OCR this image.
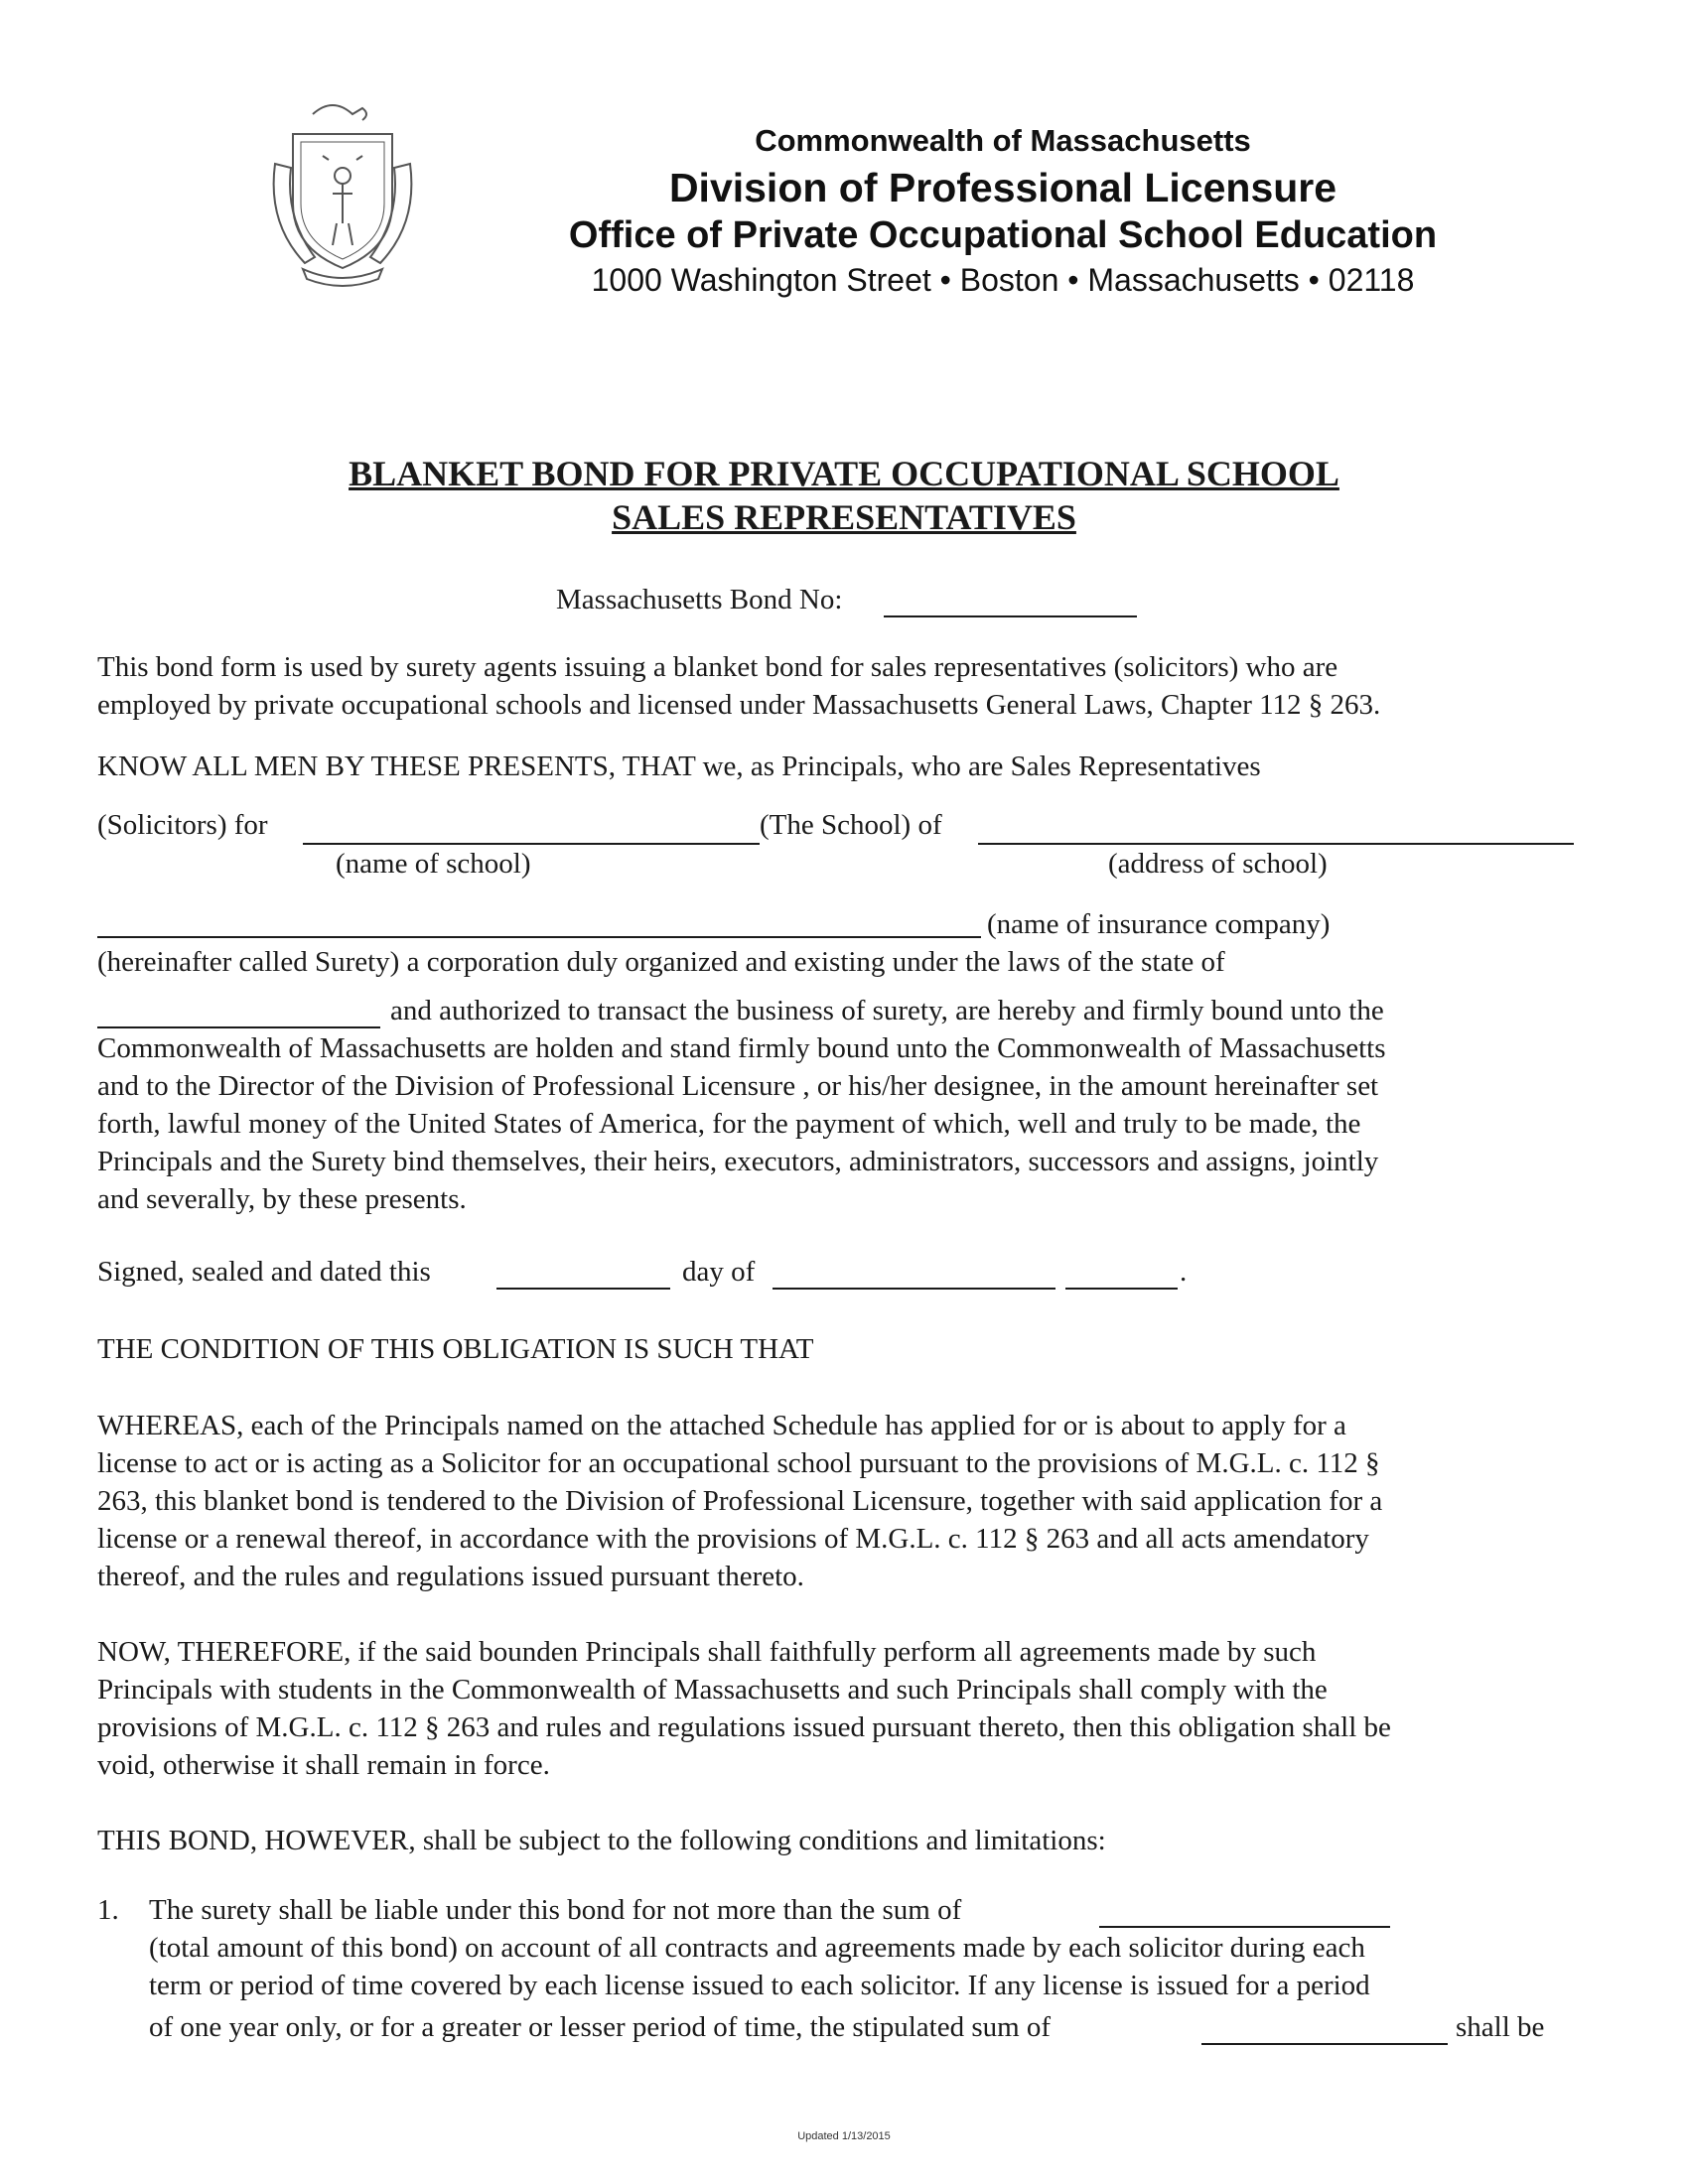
Commonwealth of Massachusetts
Division of Professional Licensure
Office of Private Occupational School Education
1000 Washington Street • Boston • Massachusetts • 02118
BLANKET BOND FOR PRIVATE OCCUPATIONAL SCHOOL
SALES REPRESENTATIVES
Massachusetts Bond No:
This bond form is used by surety agents issuing a blanket bond for sales representatives (solicitors) who are
employed by private occupational schools and licensed under Massachusetts General Laws, Chapter 112 § 263.
KNOW ALL MEN BY THESE PRESENTS, THAT we, as Principals, who are Sales Representatives
(Solicitors) for	(The School) of
(name of school)	(address of school)
(name of insurance company)
(hereinafter called Surety) a corporation duly organized and existing under the laws of the state of
and authorized to transact the business of surety, are hereby and firmly bound unto the
Commonwealth of Massachusetts are holden and stand firmly bound unto the Commonwealth of Massachusetts
and to the Director of the Division of Professional Licensure , or his/her designee, in the amount hereinafter set
forth, lawful money of the United States of America, for the payment of which, well and truly to be made, the
Principals and the Surety bind themselves, their heirs, executors, administrators, successors and assigns, jointly
and severally, by these presents.
Signed, sealed and dated this	day of	.
THE CONDITION OF THIS OBLIGATION IS SUCH THAT
WHEREAS, each of the Principals named on the attached Schedule has applied for or is about to apply for a
license to act or is acting as a Solicitor for an occupational school pursuant to the provisions of M.G.L. c. 112 §
263, this blanket bond is tendered to the Division of Professional Licensure, together with said application for a
license or a renewal thereof, in accordance with the provisions of M.G.L. c. 112 § 263 and all acts amendatory
thereof, and the rules and regulations issued pursuant thereto.
NOW, THEREFORE, if the said bounden Principals shall faithfully perform all agreements made by such
Principals with students in the Commonwealth of Massachusetts and such Principals shall comply with the
provisions of M.G.L. c. 112 § 263 and rules and regulations issued pursuant thereto, then this obligation shall be
void, otherwise it shall remain in force.
THIS BOND, HOWEVER, shall be subject to the following conditions and limitations:
1. The surety shall be liable under this bond for not more than the sum of
(total amount of this bond) on account of all contracts and agreements made by each solicitor during each
term or period of time covered by each license issued to each solicitor. If any license is issued for a period
of one year only, or for a greater or lesser period of time, the stipulated sum of	shall be
Updated 1/13/2015
